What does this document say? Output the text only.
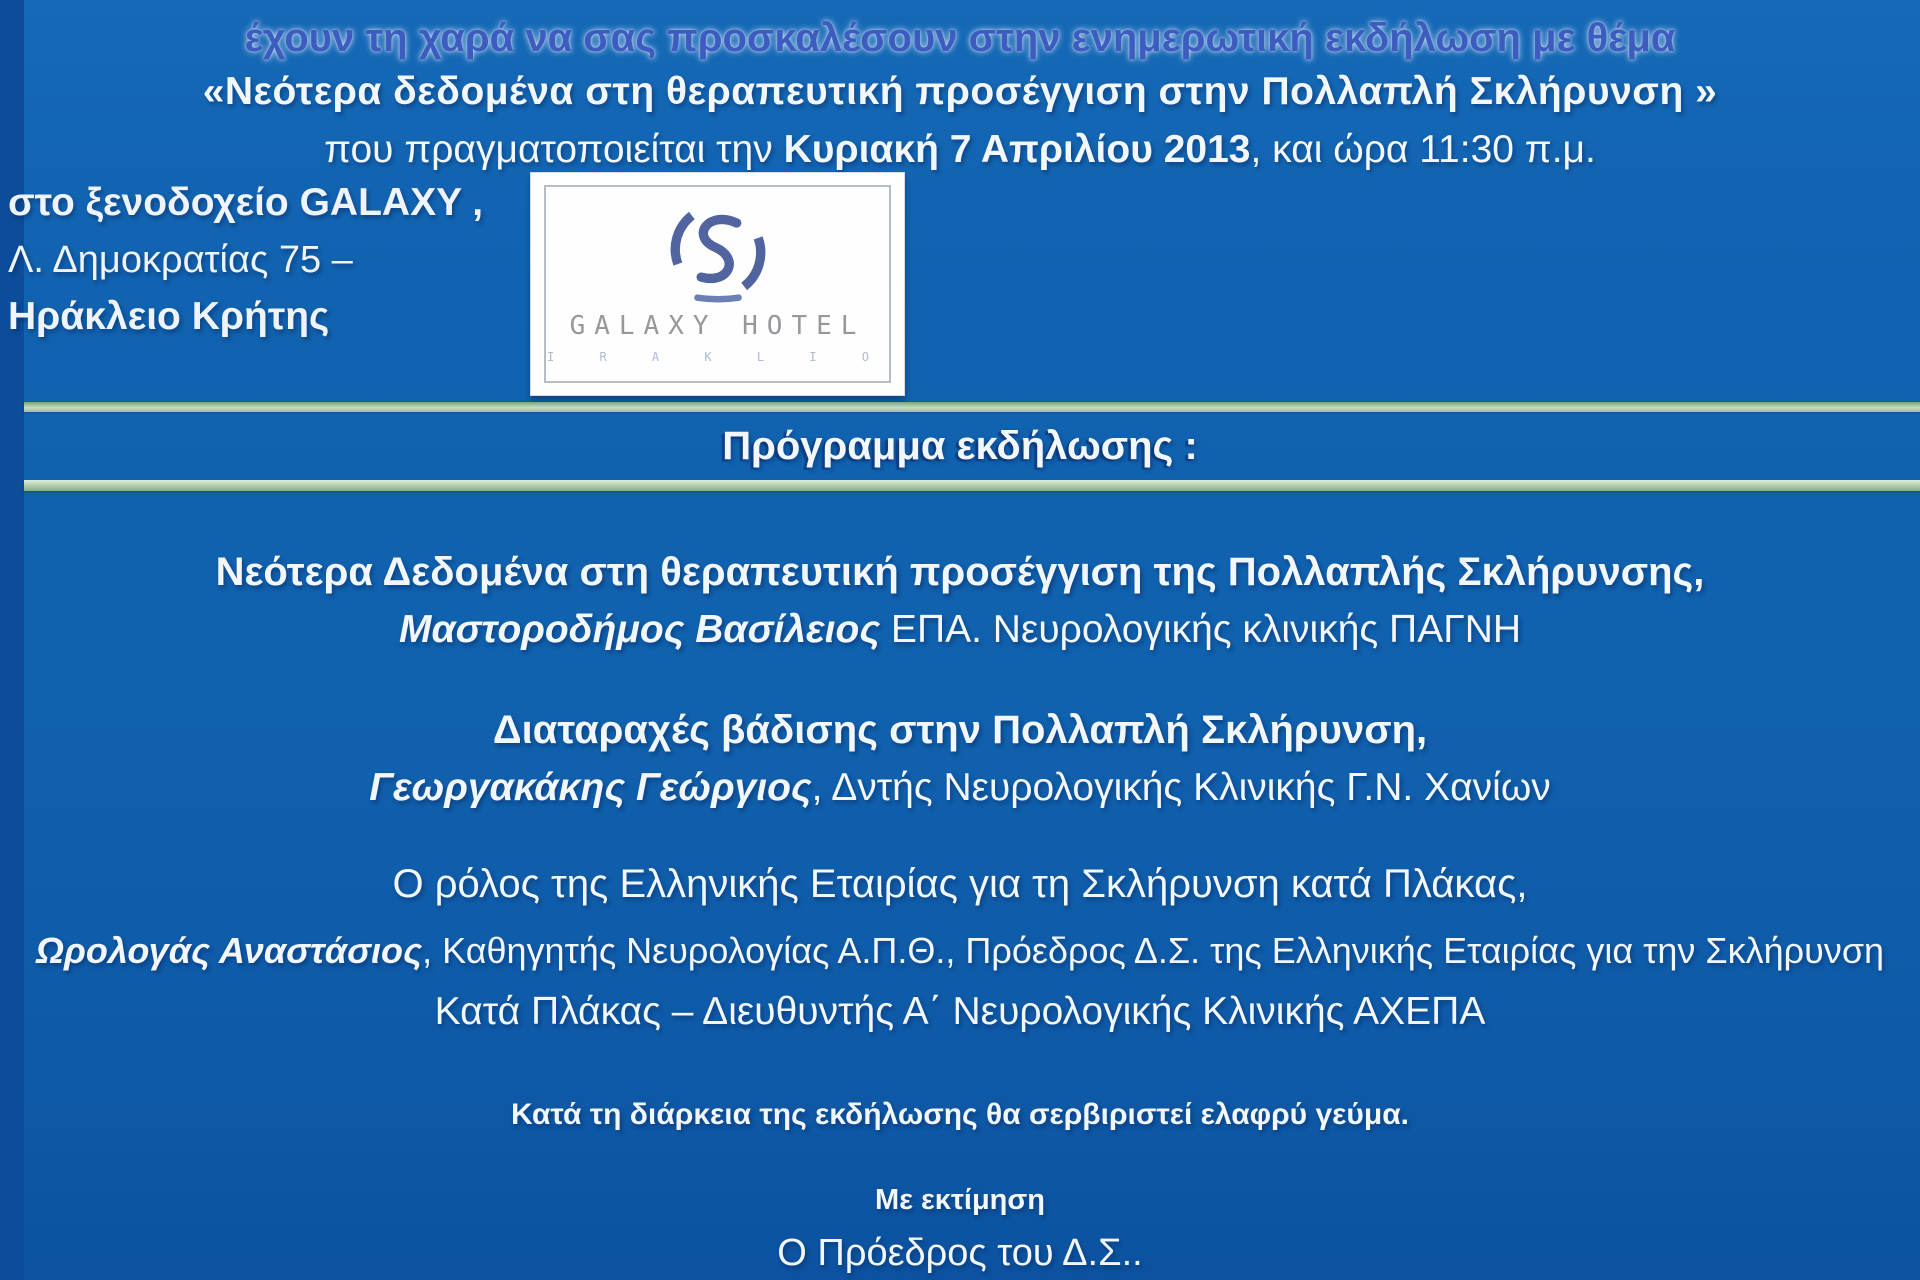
έχουν τη χαρά να σας προσκαλέσουν στην ενημερωτική εκδήλωση με θέμα
«Νεότερα δεδομένα στη θεραπευτική προσέγγιση στην Πολλαπλή Σκλήρυνση »
που πραγματοποιείται την Κυριακή 7 Απριλίου 2013, και ώρα 11:30 π.μ.
στο ξενοδοχείο GALAXY ,
Λ. Δημοκρατίας 75 –
Ηράκλειο Κρήτης	GALAXY HOTEL
I R A K L I O
Πρόγραμμα εκδήλωσης :
Νεότερα Δεδομένα στη θεραπευτική προσέγγιση της Πολλαπλής Σκλήρυνσης,
Μαστοροδήμος Βασίλειος ΕΠΑ. Νευρολογικής κλινικής ΠΑΓΝΗ
Διαταραχές βάδισης στην Πολλαπλή Σκλήρυνση,
Γεωργακάκης Γεώργιος, Δντής Νευρολογικής Κλινικής Γ.Ν. Χανίων
Ο ρόλος της Ελληνικής Εταιρίας για τη Σκλήρυνση κατά Πλάκας,
Ωρολογάς Αναστάσιος, Καθηγητής Νευρολογίας Α.Π.Θ., Πρόεδρος Δ.Σ. της Ελληνικής Εταιρίας για την Σκλήρυνση
Κατά Πλάκας – Διευθυντής Α΄ Νευρολογικής Κλινικής ΑΧΕΠΑ
Κατά τη διάρκεια της εκδήλωσης θα σερβιριστεί ελαφρύ γεύμα.
Με εκτίμηση
Ο Πρόεδρος του Δ.Σ..
